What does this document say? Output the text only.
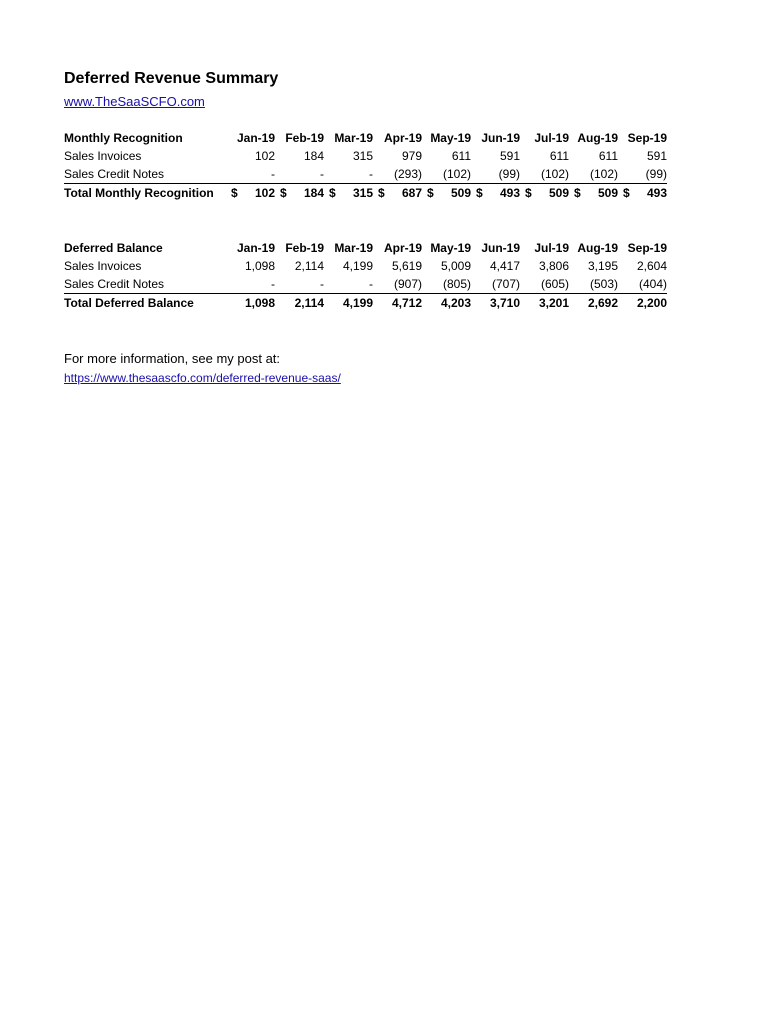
Deferred Revenue Summary
www.TheSaaSCFO.com
Monthly Recognition	Jan-19	Feb-19	Mar-19	Apr-19	May-19	Jun-19	Jul-19	Aug-19	Sep-19
Sales Invoices	102	184	315	979	611	591	611	611	591
Sales Credit Notes	-	-	-	(293)	(102)	(99)	(102)	(102)	(99)
Total Monthly Recognition	$ 102	$ 184	$ 315	$ 687	$ 509	$ 493	$ 509	$ 509	$ 493
Deferred Balance	Jan-19	Feb-19	Mar-19	Apr-19	May-19	Jun-19	Jul-19	Aug-19	Sep-19
Sales Invoices	1,098	2,114	4,199	5,619	5,009	4,417	3,806	3,195	2,604
Sales Credit Notes	-	-	-	(907)	(805)	(707)	(605)	(503)	(404)
Total Deferred Balance	1,098	2,114	4,199	4,712	4,203	3,710	3,201	2,692	2,200
For more information, see my post at:
https://www.thesaascfo.com/deferred-revenue-saas/
